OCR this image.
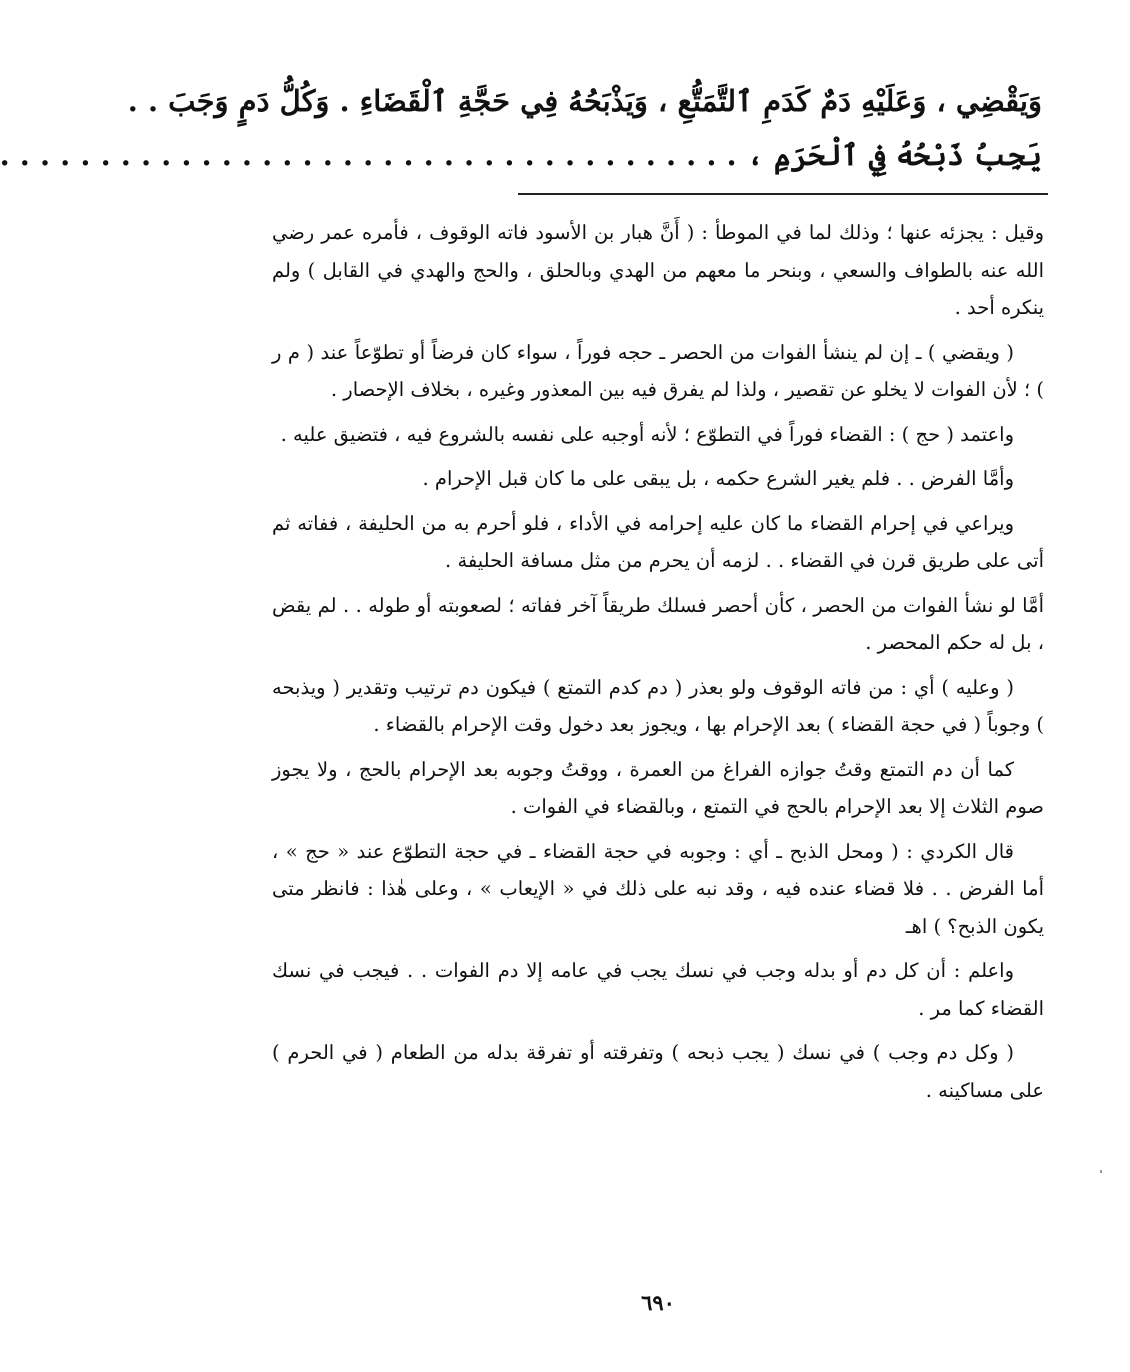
وَيَقْضِي ، وَعَلَيْهِ دَمٌ كَدَمِ ٱلتَّمَتُّعِ ، وَيَذْبَحُهُ فِي حَجَّةِ ٱلْقَضَاءِ . وَكُلُّ دَمٍ وَجَبَ . .
يَجِبُ ذَبْحُهُ فِي ٱلْحَرَمِ ، . . . . . . . . . . . . . . . . . . . . . . . . . . . . . . . . . . . . .

وقيل : يجزئه عنها ؛ وذلك لما في الموطأ : ( أَنَّ هبار بن الأسود فاته الوقوف ، فأمره عمر رضي الله عنه بالطواف والسعي ، وبنحر ما معهم من الهدي وبالحلق ، والحج والهدي في القابل ) ولم ينكره أحد .

( ويقضي ) ـ إن لم ينشأ الفوات من الحصر ـ حجه فوراً ، سواء كان فرضاً أو تطوّعاً عند ( م ر ) ؛ لأن الفوات لا يخلو عن تقصير ، ولذا لم يفرق فيه بين المعذور وغيره ، بخلاف الإحصار .

واعتمد ( حج ) : القضاء فوراً في التطوّع ؛ لأنه أوجبه على نفسه بالشروع فيه ، فتضيق عليه .

وأمَّا الفرض . . فلم يغير الشرع حكمه ، بل يبقى على ما كان قبل الإحرام .

ويراعي في إحرام القضاء ما كان عليه إحرامه في الأداء ، فلو أحرم به من الحليفة ، ففاته ثم أتى على طريق قرن في القضاء . . لزمه أن يحرم من مثل مسافة الحليفة .

أمَّا لو نشأ الفوات من الحصر ، كأن أحصر فسلك طريقاً آخر ففاته ؛ لصعوبته أو طوله . . لم يقض ، بل له حكم المحصر .

( وعليه ) أي : من فاته الوقوف ولو بعذر ( دم كدم التمتع ) فيكون دم ترتيب وتقدير ( ويذبحه ) وجوباً ( في حجة القضاء ) بعد الإحرام بها ، ويجوز بعد دخول وقت الإحرام بالقضاء .

كما أن دم التمتع وقتُ جوازه الفراغ من العمرة ، ووقتُ وجوبه بعد الإحرام بالحج ، ولا يجوز صوم الثلاث إلا بعد الإحرام بالحج في التمتع ، وبالقضاء في الفوات .

قال الكردي : ( ومحل الذبح ـ أي : وجوبه في حجة القضاء ـ في حجة التطوّع عند « حج » ، أما الفرض . . فلا قضاء عنده فيه ، وقد نبه على ذلك في « الإيعاب » ، وعلى هٰذا : فانظر متى يكون الذبح؟ ) اهـ

واعلم : أن كل دم أو بدله وجب في نسك يجب في عامه إلا دم الفوات . . فيجب في نسك القضاء كما مر .

( وكل دم وجب ) في نسك ( يجب ذبحه ) وتفرقته أو تفرقة بدله من الطعام ( في الحرم ) على مساكينه .

٦٩٠
